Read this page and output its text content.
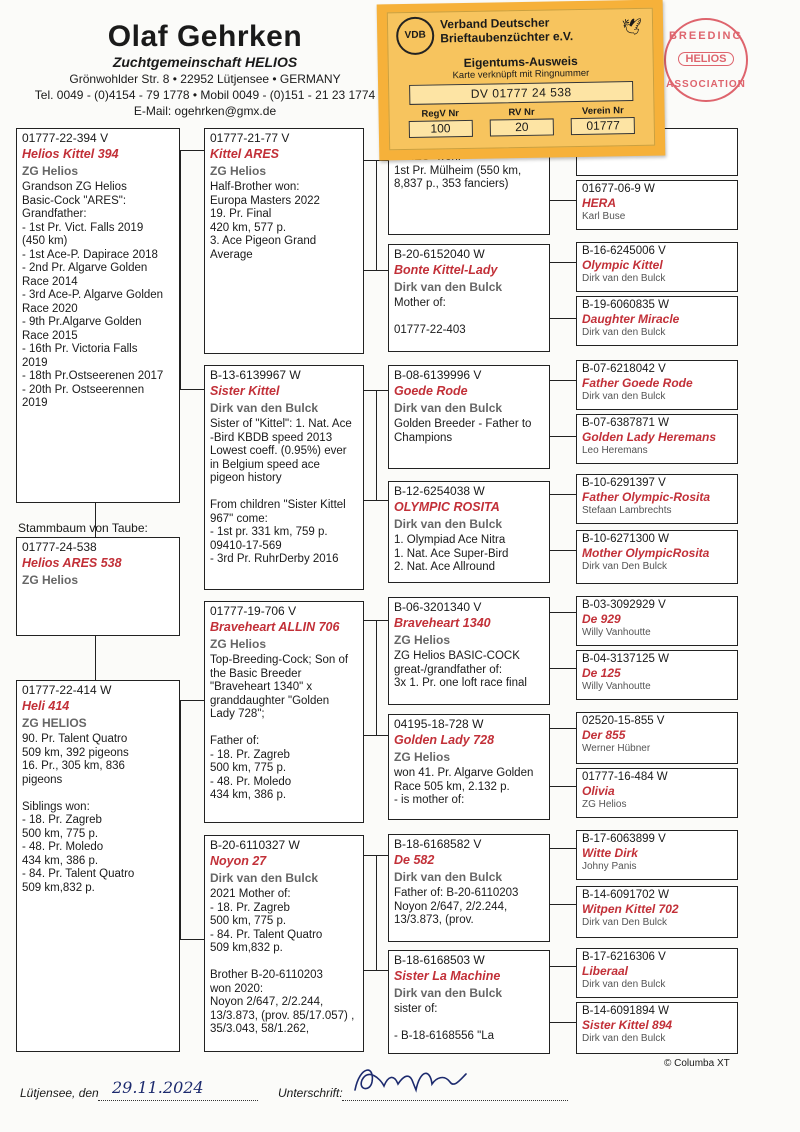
Olaf Gehrken
Zuchtgemeinschaft HELIOS
Grönwohlder Str. 8 • 22952 Lütjensee • GERMANY
Tel. 0049 - (0)4154 - 79 1778 • Mobil 0049 - (0)151 - 21 23 1774
E-Mail: ogehrken@gmx.de
BREEDING
HELIOS
ASSOCIATION
Stammbaum von Taube:
01777-22-394 V
Helios Kittel 394
ZG Helios
Grandson ZG Helios
Basic-Cock "ARES":
Grandfather:
- 1st Pr. Vict. Falls 2019
(450 km)
- 1st Ace-P. Dapirace 2018
- 2nd Pr. Algarve Golden
Race 2014
- 3rd Ace-P. Algarve Golden
Race 2020
- 9th Pr.Algarve Golden
Race 2015
- 16th Pr. Victoria Falls
2019
- 18th Pr.Ostseerenen 2017
- 20th Pr. Ostseerennen
2019
01777-24-538
Helios ARES 538
ZG Helios
01777-22-414 W
Heli 414
ZG HELIOS
90. Pr. Talent Quatro
509 km, 392 pigeons
16. Pr., 305 km, 836
pigeons

Siblings won:
- 18. Pr. Zagreb
500 km, 775 p.
- 48. Pr. Moledo
434 km, 386 p.
- 84. Pr. Talent Quatro
509 km,832 p.
01777-21-77 V
Kittel ARES
ZG Helios
Half-Brother won:
Europa Masters 2022
19. Pr. Final
420 km, 577 p.
3. Ace Pigeon Grand
Average
B-13-6139967 W
Sister Kittel
Dirk van den Bulck
Sister of "Kittel": 1. Nat. Ace
-Bird KBDB speed 2013
Lowest coeff. (0.95%) ever
in Belgium speed ace
pigeon history

From children "Sister Kittel
967" come:
- 1st pr. 331 km, 759 p.
09410-17-569
- 3rd Pr. RuhrDerby 2016
01777-19-706 V
Braveheart ALLIN 706
ZG Helios
Top-Breeding-Cock; Son of
the Basic Breeder
"Braveheart 1340" x
granddaughter "Golden
Lady 728";

Father of:
- 18. Pr. Zagreb
500 km, 775 p.
- 48. Pr. Moledo
434 km, 386 p.
B-20-6110327 W
Noyon 27
Dirk van den Bulck
2021 Mother of:
- 18. Pr. Zagreb
500 km, 775 p.
- 84. Pr. Talent Quatro
509 km,832 p.

Brother B-20-6110203
won 2020:
Noyon 2/647, 2/2.244,
13/3.873, (prov. 85/17.057) ,
35/3.043, 58/1.262,

1st Pr. Mülheim (550 km,
8,837 p., 353 fanciers)
B-20-6152040 W
Bonte Kittel-Lady
Dirk van den Bulck
Mother of:

01777-22-403
B-08-6139996 V
Goede Rode
Dirk van den Bulck
Golden Breeder - Father to
Champions
B-12-6254038 W
OLYMPIC ROSITA
Dirk van den Bulck
1. Olympiad Ace Nitra
1. Nat. Ace Super-Bird
2. Nat. Ace Allround
B-06-3201340 V
Braveheart 1340
ZG Helios
ZG Helios BASIC-COCK
great-/grandfather of:
3x 1. Pr. one loft race final
04195-18-728 W
Golden Lady 728
ZG Helios
won 41. Pr. Algarve Golden
Race 505 km, 2.132 p.
- is mother of:
B-18-6168582 V
De 582
Dirk van den Bulck
Father of: B-20-6110203
Noyon 2/647, 2/2.244,
13/3.873, (prov.
B-18-6168503 W
Sister La Machine
Dirk van den Bulck
sister of:

- B-18-6168556 "La
01677-06-9 W
HERA
Karl Buse
B-16-6245006 V
Olympic Kittel
Dirk van den Bulck
B-19-6060835 W
Daughter Miracle
Dirk van den Bulck
B-07-6218042 V
Father Goede Rode
Dirk van den Bulck
B-07-6387871 W
Golden Lady Heremans
Leo Heremans
B-10-6291397 V
Father Olympic-Rosita
Stefaan Lambrechts
B-10-6271300 W
Mother OlympicRosita
Dirk van Den Bulck
B-03-3092929 V
De 929
Willy Vanhoutte
B-04-3137125 W
De 125
Willy Vanhoutte
02520-15-855 V
Der 855
Werner Hübner
01777-16-484 W
Olivia
ZG Helios
B-17-6063899 V
Witte Dirk
Johny Panis
B-14-6091702 W
Witpen Kittel 702
Dirk van Den Bulck
B-17-6216306 V
Liberaal
Dirk van den Bulck
B-14-6091894 W
Sister Kittel 894
Dirk van den Bulck
VDB
Verband Deutscher
Brieftaubenzüchter e.V.
🕊
Eigentums-Ausweis
Karte verknüpft mit Ringnummer
DV 01777 24 538
RegV Nr
100
RV Nr
20
Verein Nr
01777
Lütjensee, den 29.11.2024	Unterschrift:
© Columba XT
